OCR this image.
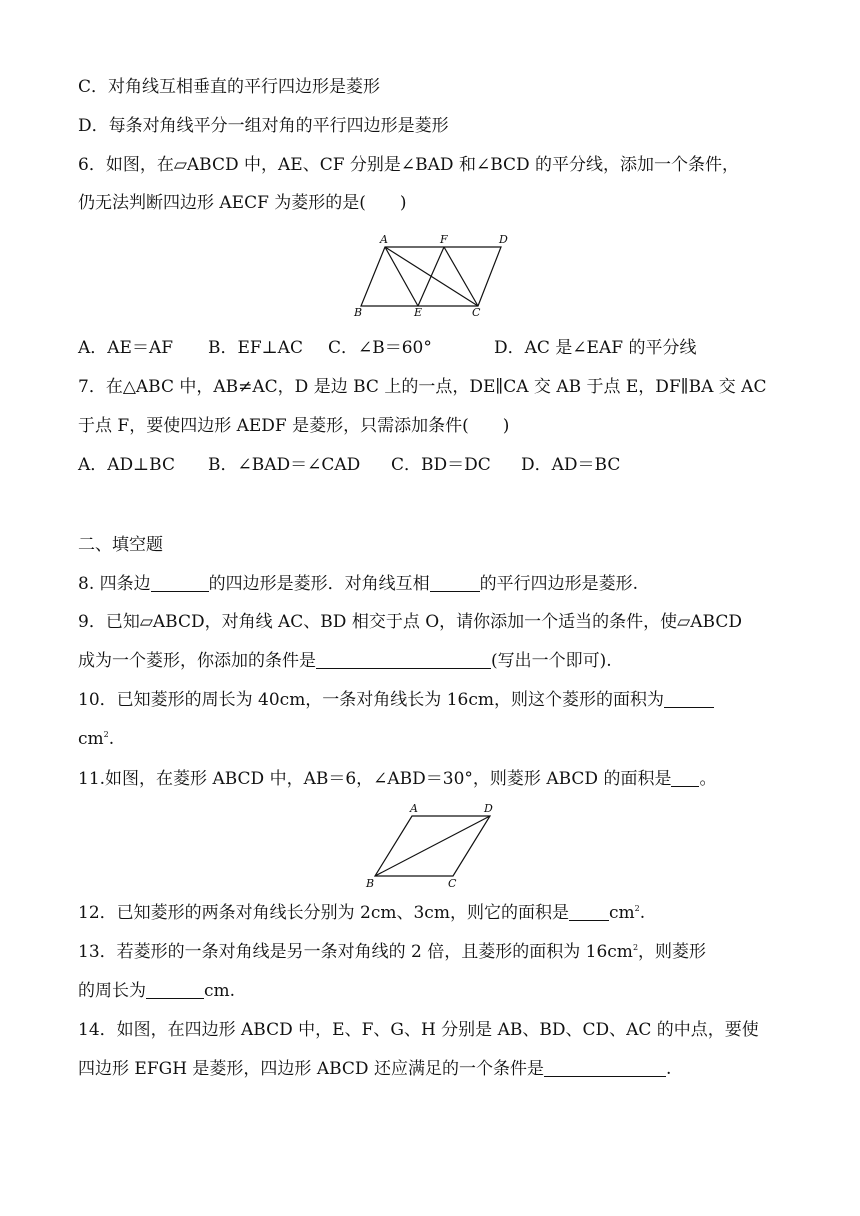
C．对角线互相垂直的平行四边形是菱形
D．每条对角线平分一组对角的平行四边形是菱形
6．如图，在▱ABCD 中，AE、CF 分别是∠BAD 和∠BCD 的平分线，添加一个条件，
仍无法判断四边形 AECF 为菱形的是(　　)
A	F	D
B	E	C
A．AE＝AF B．EF⊥AC C．∠B＝60°	D．AC 是∠EAF 的平分线
7．在△ABC 中，AB≠AC，D 是边 BC 上的一点，DE∥CA 交 AB 于点 E，DF∥BA 交 AC
于点 F，要使四边形 AEDF 是菱形，只需添加条件(　　)
A．AD⊥BC B．∠BAD＝∠CAD C．BD＝DC D．AD＝BC
二、填空题
8. 四条边	的四边形是菱形．对角线互相	的平行四边形是菱形.
9．已知▱ABCD，对角线 AC、BD 相交于点 O，请你添加一个适当的条件，使▱ABCD
成为一个菱形，你添加的条件是	(写出一个即可).
10．已知菱形的周长为 40cm，一条对角线长为 16cm，则这个菱形的面积为
$cm^2$.
11.如图，在菱形 ABCD 中，AB＝6，∠ABD＝30°，则菱形 ABCD 的面积是 。
A	D
B	C
12．已知菱形的两条对角线长分别为 2cm、3cm，则它的面积是 $cm^2$.
13．若菱形的一条对角线是另一条对角线的 2 倍，且菱形的面积为 $16cm^2$，则菱形
的周长为	cm.
14．如图，在四边形 ABCD 中，E、F、G、H 分别是 AB、BD、CD、AC 的中点，要使
四边形 EFGH 是菱形，四边形 ABCD 还应满足的一个条件是	.
